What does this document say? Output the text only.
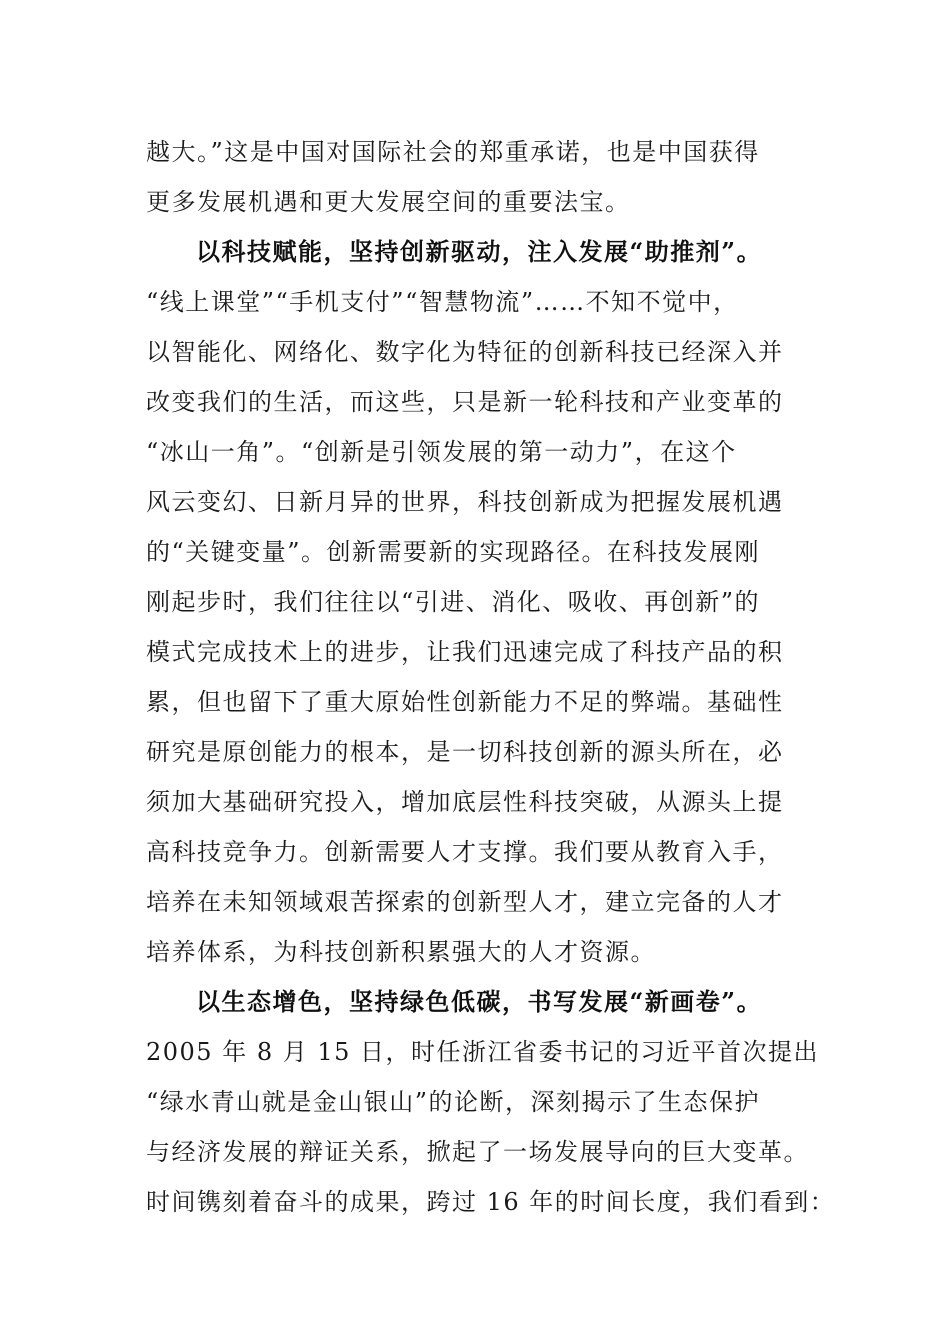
越大。”这是中国对国际社会的郑重承诺，也是中国获得
更多发展机遇和更大发展空间的重要法宝。
以科技赋能，坚持创新驱动，注入发展“助推剂”。
“线上课堂”“手机支付”“智慧物流”……不知不觉中，
以智能化、网络化、数字化为特征的创新科技已经深入并
改变我们的生活，而这些，只是新一轮科技和产业变革的
“冰山一角”。“创新是引领发展的第一动力”，在这个
风云变幻、日新月异的世界，科技创新成为把握发展机遇
的“关键变量”。创新需要新的实现路径。在科技发展刚
刚起步时，我们往往以“引进、消化、吸收、再创新”的
模式完成技术上的进步，让我们迅速完成了科技产品的积
累，但也留下了重大原始性创新能力不足的弊端。基础性
研究是原创能力的根本，是一切科技创新的源头所在，必
须加大基础研究投入，增加底层性科技突破，从源头上提
高科技竞争力。创新需要人才支撑。我们要从教育入手，
培养在未知领域艰苦探索的创新型人才，建立完备的人才
培养体系，为科技创新积累强大的人才资源。
以生态增色，坚持绿色低碳，书写发展“新画卷”。
2005 年 8 月 15 日，时任浙江省委书记的习近平首次提出
“绿水青山就是金山银山”的论断，深刻揭示了生态保护
与经济发展的辩证关系，掀起了一场发展导向的巨大变革。
时间镌刻着奋斗的成果，跨过 16 年的时间长度，我们看到：
